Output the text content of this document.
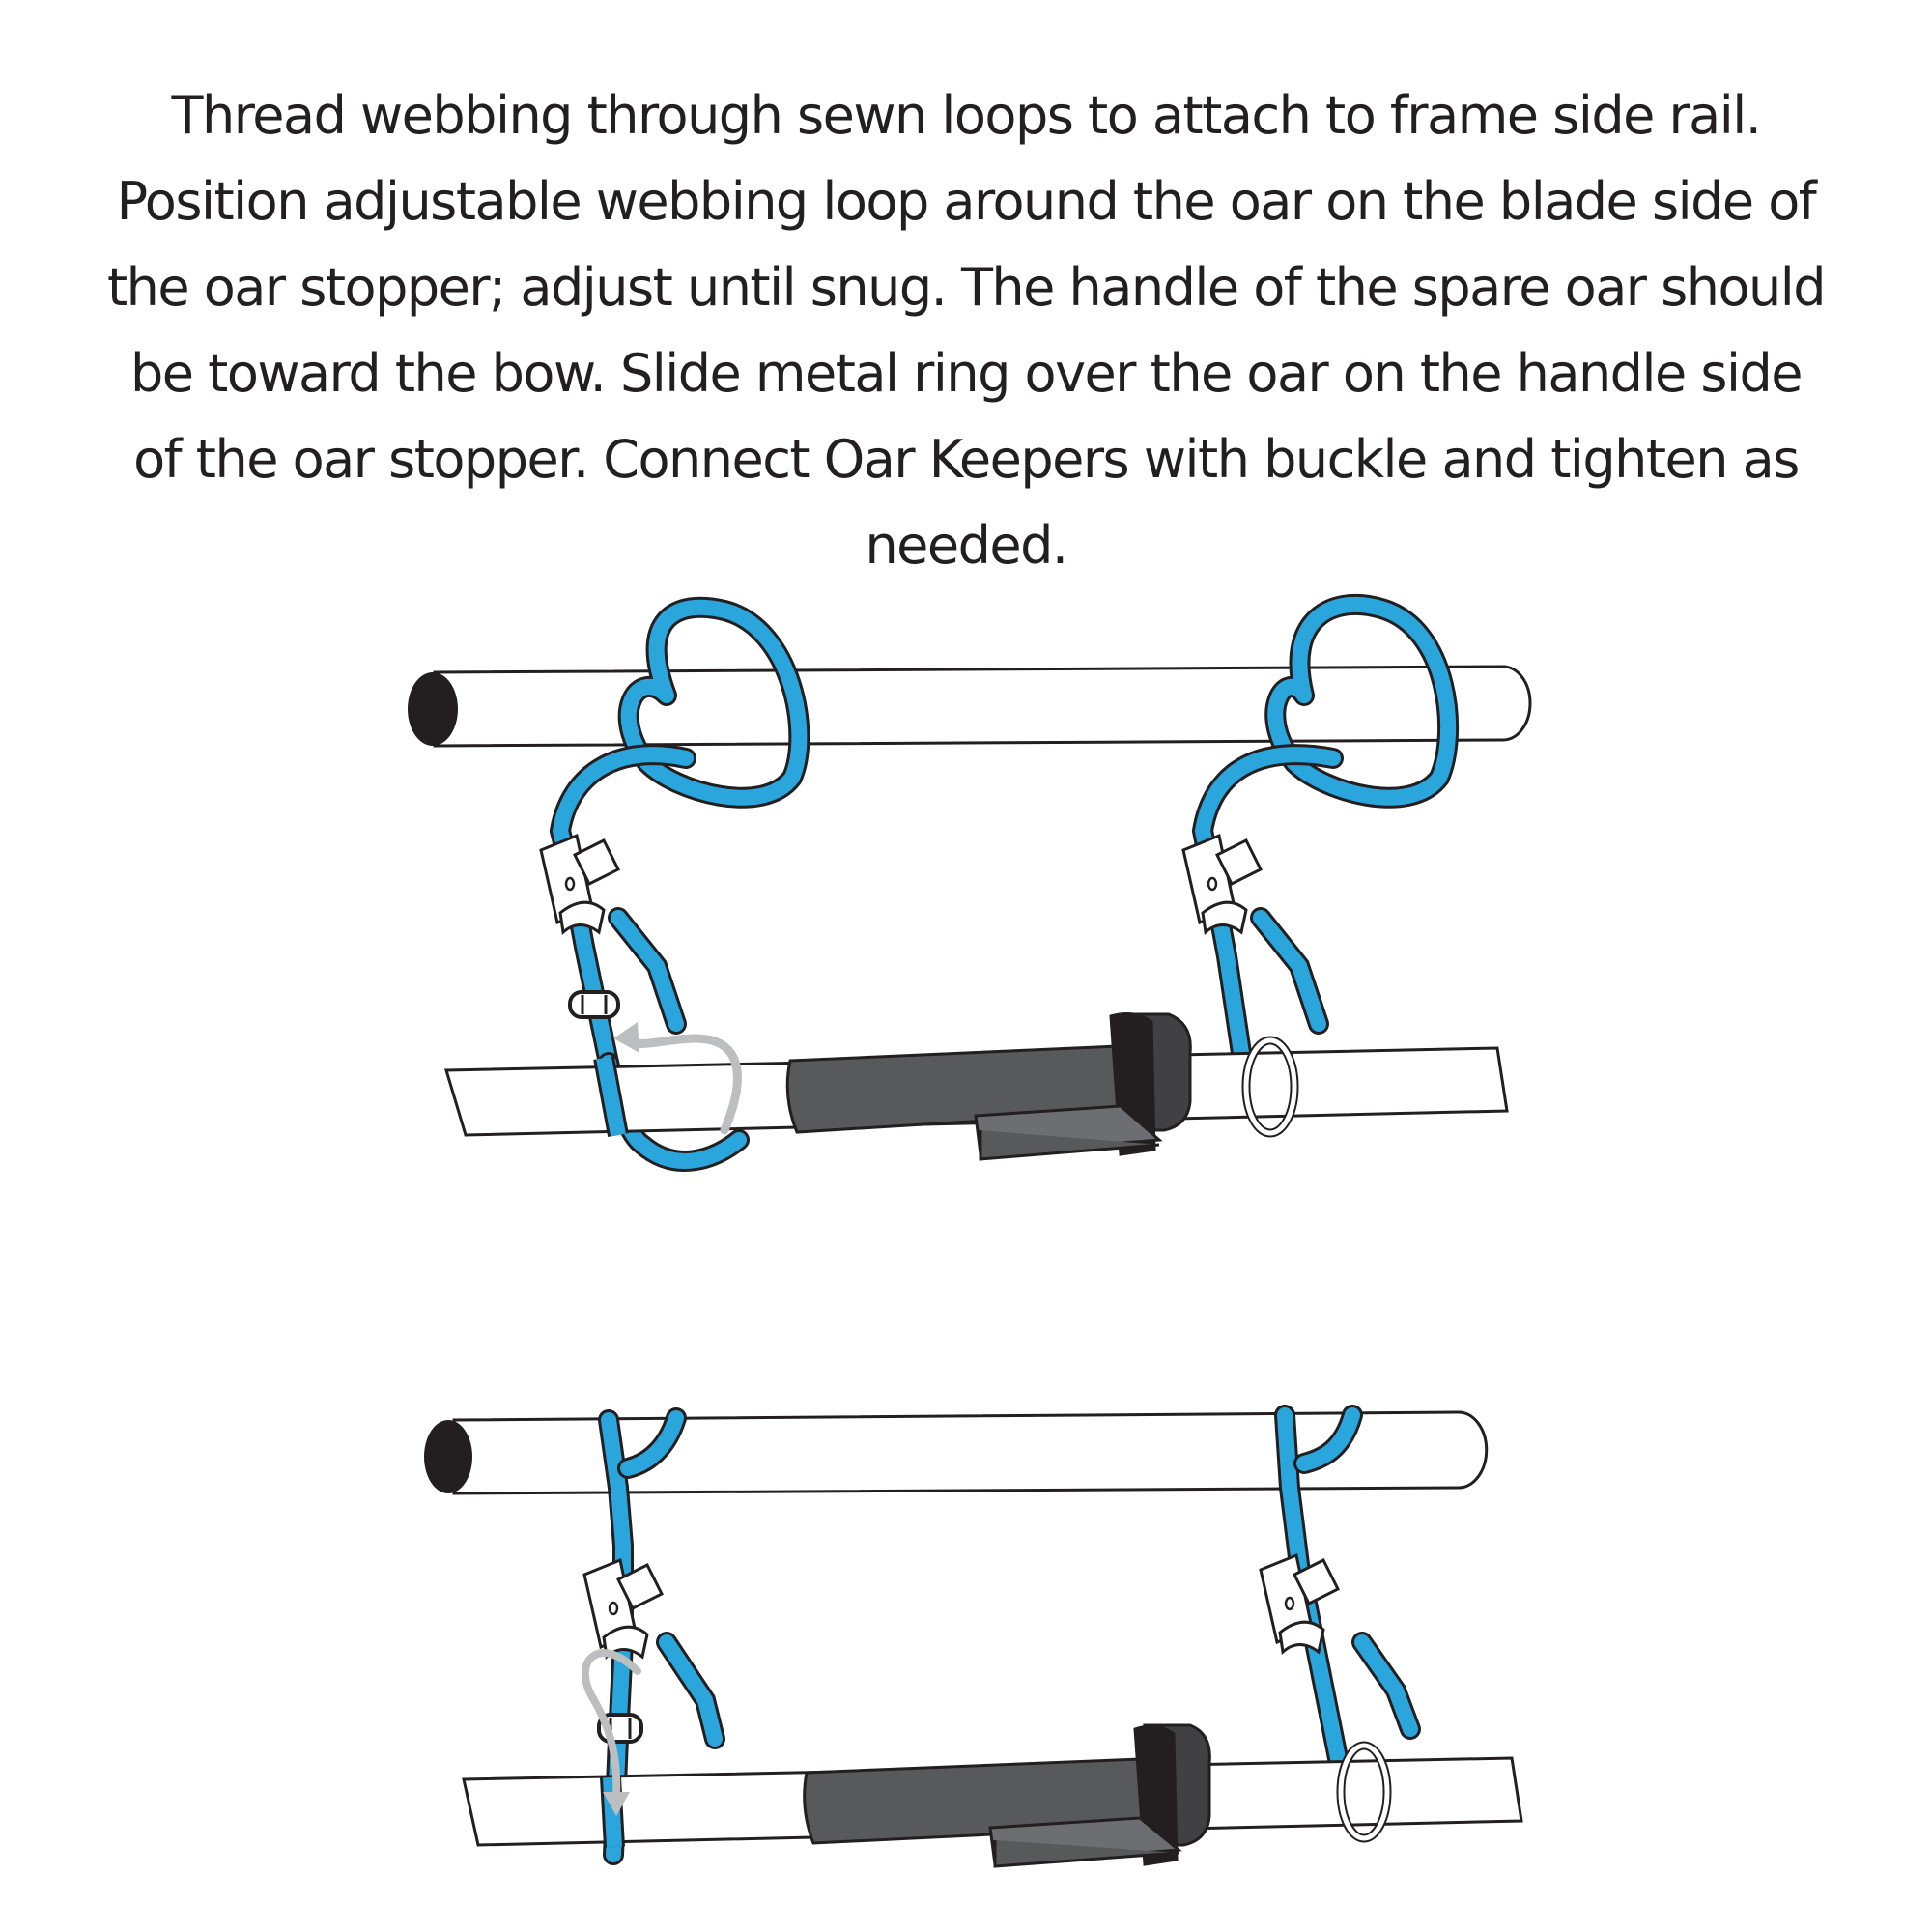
Thread webbing through sewn loops to attach to frame side rail. Position adjustable webbing loop around the oar on the blade side of the oar stopper; adjust until snug. The handle of the spare oar should be toward the bow. Slide metal ring over the oar on the handle side of the oar stopper. Connect Oar Keepers with buckle and tighten as needed.
